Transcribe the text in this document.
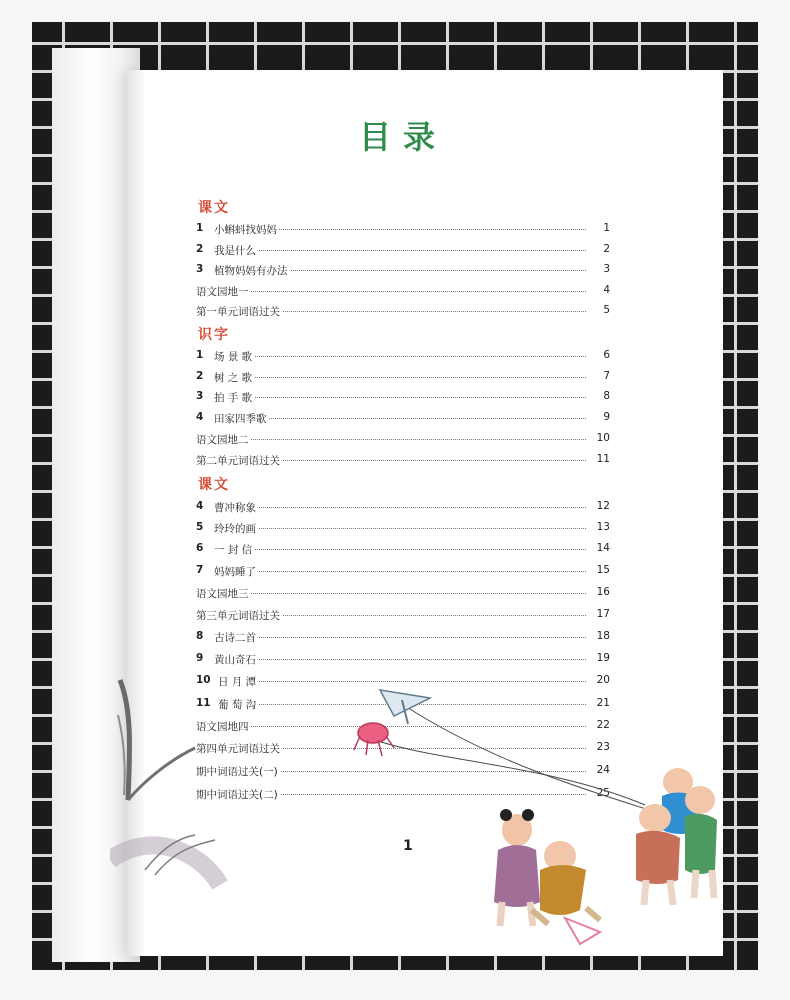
目录
课文
1 小蝌蚪找妈妈	1
2 我是什么	2
3 植物妈妈有办法	3
语文园地一	4
第一单元词语过关	5
识字
1 场 景 歌	6
2 树 之 歌	7
3 拍 手 歌	8
4 田家四季歌	9
语文园地二	10
第二单元词语过关	11
课文
4 曹冲称象	12
5 玲玲的画	13
6 一 封 信	14
7 妈妈睡了	15
语文园地三	16
第三单元词语过关	17
8 古诗二首	18
9 黄山奇石	19
10 日 月 潭	20
11 葡 萄 沟	21
语文园地四	22
第四单元词语过关	23
期中词语过关(一)	24
期中词语过关(二)	25
1
